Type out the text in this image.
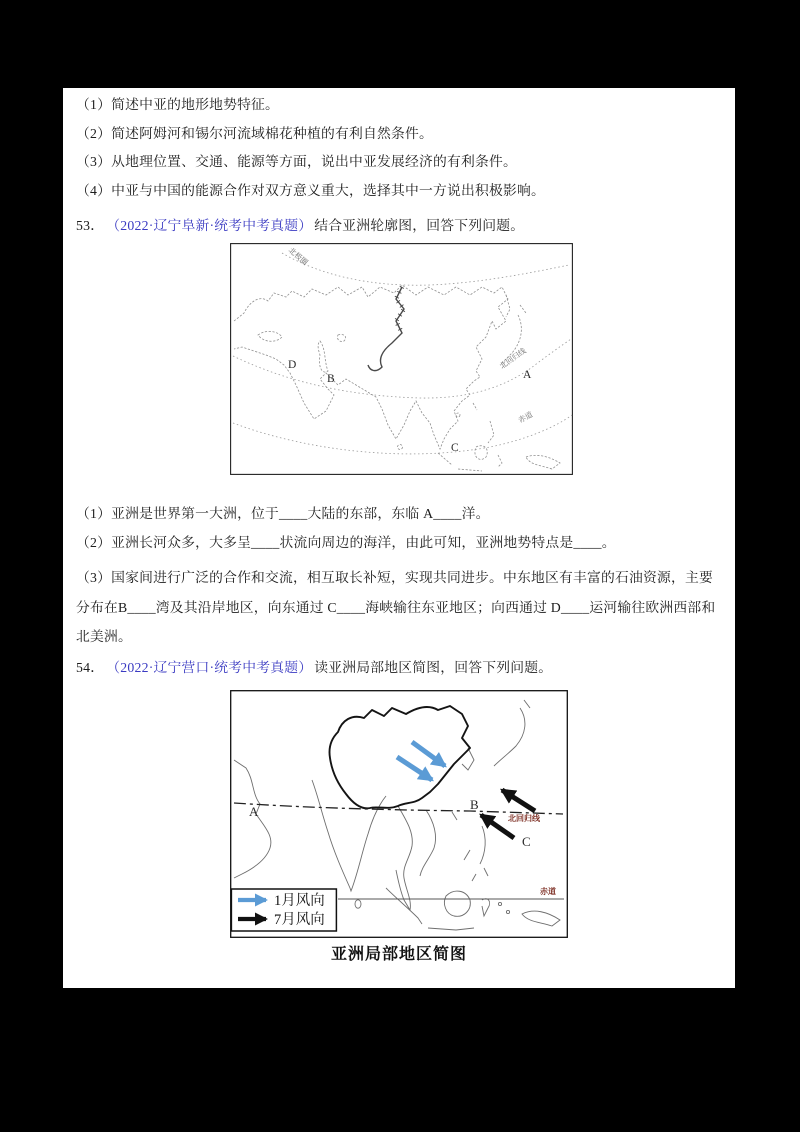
（1）简述中亚的地形地势特征。
（2）简述阿姆河和锡尔河流域棉花种植的有利自然条件。
（3）从地理位置、交通、能源等方面，说出中亚发展经济的有利条件。
（4）中亚与中国的能源合作对双方意义重大，选择其中一方说出积极影响。
53． （2022·辽宁阜新·统考中考真题） 结合亚洲轮廓图，回答下列问题。
北极圈
北回归线
赤道
D
B	A
C
（1）亚洲是世界第一大洲，位于____大陆的东部，东临 A____洋。
（2）亚洲长河众多，大多呈____状流向周边的海洋，由此可知，亚洲地势特点是____。
（3）国家间进行广泛的合作和交流，相互取长补短，实现共同进步。中东地区有丰富的石油资源，主要
分布在B____湾及其沿岸地区，向东通过 C____海峡输往东亚地区；向西通过 D____运河输往欧洲西部和
北美洲。
54． （2022·辽宁营口·统考中考真题） 读亚洲局部地区简图，回答下列问题。
A	B
C
北回归线
赤道
1月风向
7月风向
亚洲局部地区简图
